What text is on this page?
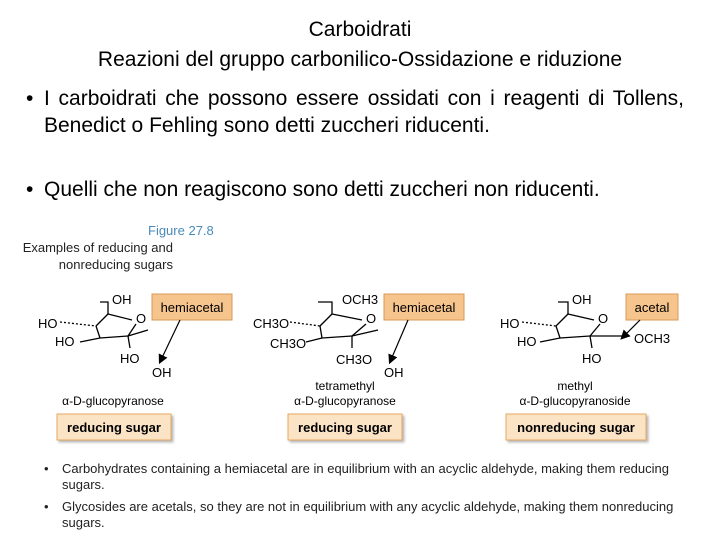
Carboidrati
Reazioni del gruppo carbonilico-Ossidazione e riduzione
• I carboidrati che possono essere ossidati con i reagenti di Tollens, Benedict o Fehling sono detti zuccheri riducenti.
• Quelli che non reagiscono sono detti zuccheri non riducenti.
Figure 27.8
Examples of reducing and nonreducing sugars
OH
HO
HO
O
HO
OH
hemiacetal
α-D-glucopyranose
reducing sugar
OCH3
CH3O
CH3O
O
CH3O
OH
hemiacetal
tetramethyl
α-D-glucopyranose
reducing sugar
OH
HO
HO
O
HO
OCH3
acetal
methyl
α-D-glucopyranoside
nonreducing sugar
• Carbohydrates containing a hemiacetal are in equilibrium with an acyclic aldehyde, making them reducing sugars.
• Glycosides are acetals, so they are not in equilibrium with any acyclic aldehyde, making them nonreducing sugars.
